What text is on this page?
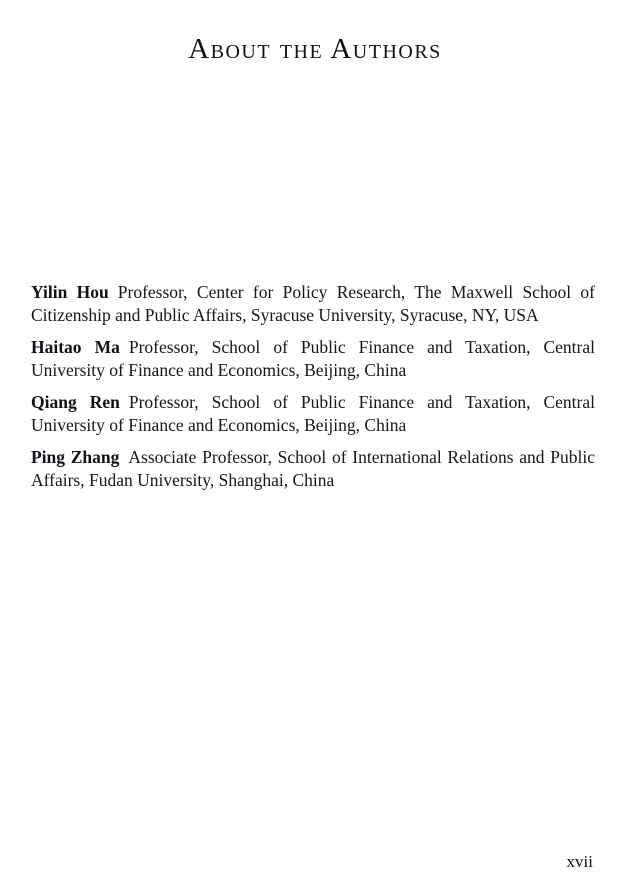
About the Authors

Yilin Hou Professor, Center for Policy Research, The Maxwell School of Citizenship and Public Affairs, Syracuse University, Syracuse, NY, USA

Haitao Ma Professor, School of Public Finance and Taxation, Central University of Finance and Economics, Beijing, China

Qiang Ren Professor, School of Public Finance and Taxation, Central University of Finance and Economics, Beijing, China

Ping Zhang Associate Professor, School of International Relations and Public Affairs, Fudan University, Shanghai, China

xvii
